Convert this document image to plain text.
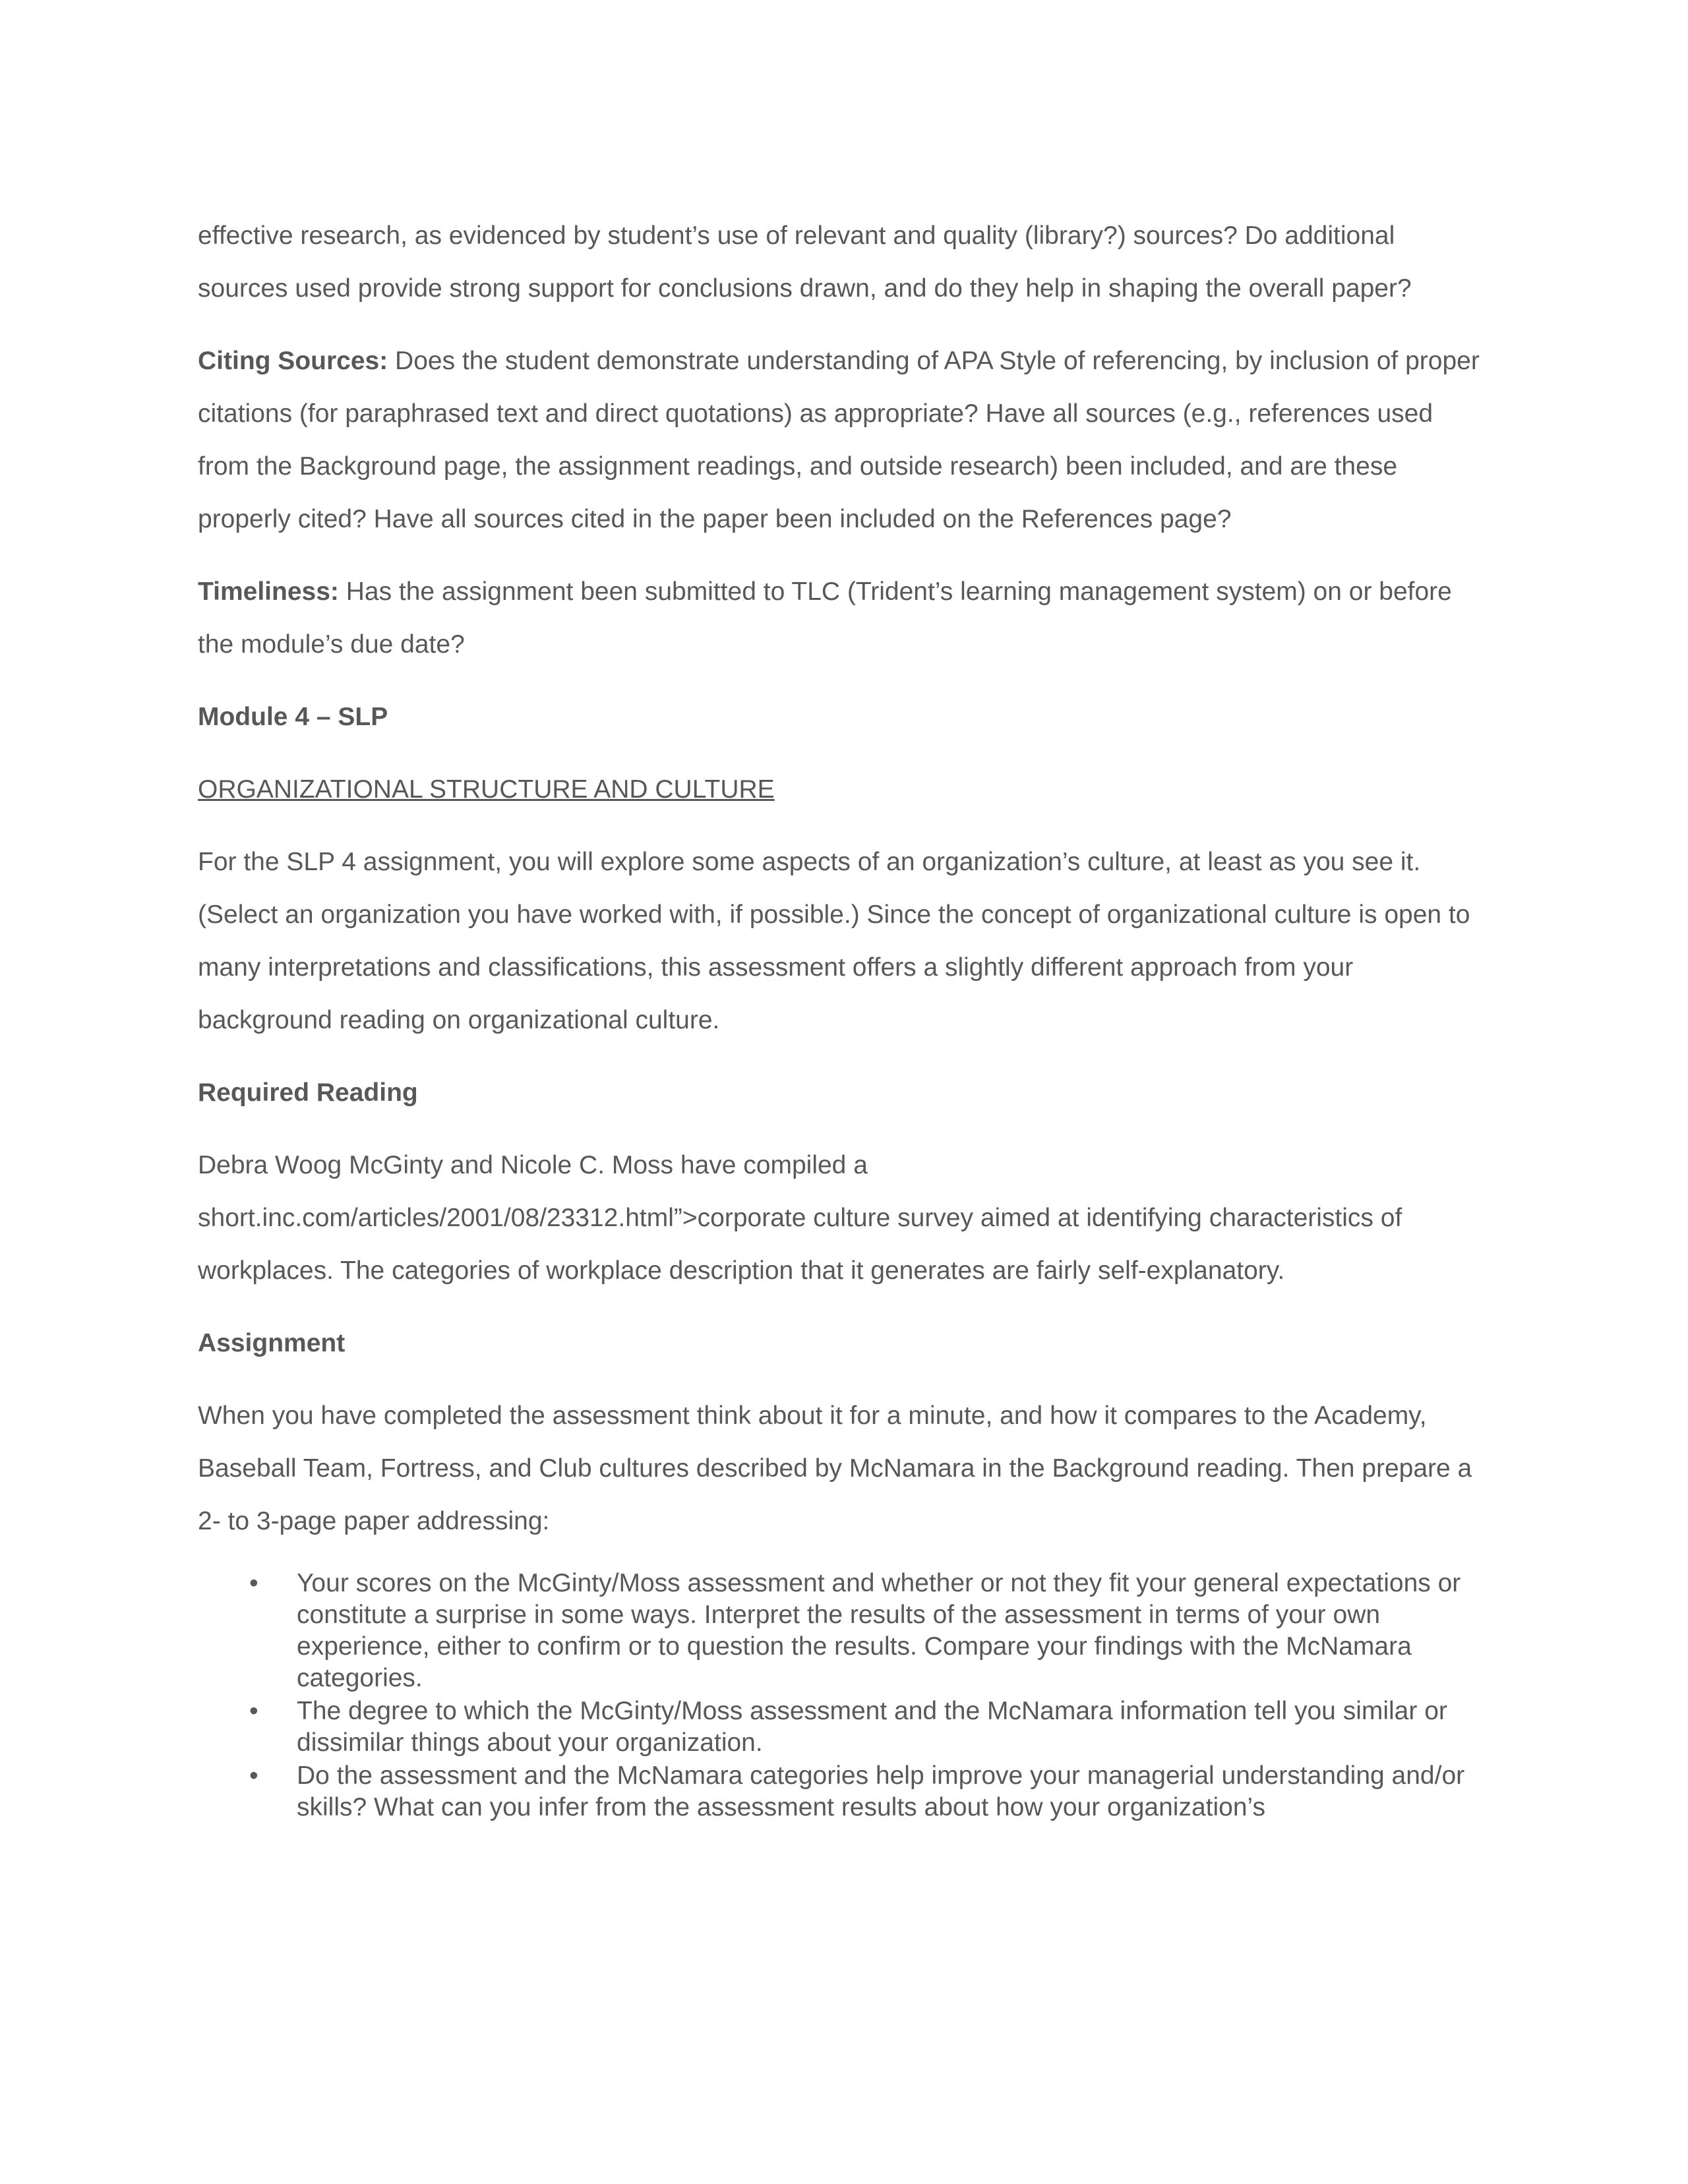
effective research, as evidenced by student’s use of relevant and quality (library?) sources? Do additional sources used provide strong support for conclusions drawn, and do they help in shaping the overall paper?

Citing Sources: Does the student demonstrate understanding of APA Style of referencing, by inclusion of proper citations (for paraphrased text and direct quotations) as appropriate? Have all sources (e.g., references used from the Background page, the assignment readings, and outside research) been included, and are these properly cited? Have all sources cited in the paper been included on the References page?

Timeliness: Has the assignment been submitted to TLC (Trident’s learning management system) on or before the module’s due date?

Module 4 – SLP

ORGANIZATIONAL STRUCTURE AND CULTURE

For the SLP 4 assignment, you will explore some aspects of an organization’s culture, at least as you see it. (Select an organization you have worked with, if possible.) Since the concept of organizational culture is open to many interpretations and classifications, this assessment offers a slightly different approach from your background reading on organizational culture.

Required Reading

Debra Woog McGinty and Nicole C. Moss have compiled a
short.inc.com/articles/2001/08/23312.html”>corporate culture survey aimed at identifying characteristics of workplaces. The categories of workplace description that it generates are fairly self-explanatory.

Assignment

When you have completed the assessment think about it for a minute, and how it compares to the Academy, Baseball Team, Fortress, and Club cultures described by McNamara in the Background reading. Then prepare a 2- to 3-page paper addressing:

• Your scores on the McGinty/Moss assessment and whether or not they fit your general expectations or constitute a surprise in some ways. Interpret the results of the assessment in terms of your own experience, either to confirm or to question the results. Compare your findings with the McNamara categories.
• The degree to which the McGinty/Moss assessment and the McNamara information tell you similar or dissimilar things about your organization.
• Do the assessment and the McNamara categories help improve your managerial understanding and/or skills? What can you infer from the assessment results about how your organization’s
